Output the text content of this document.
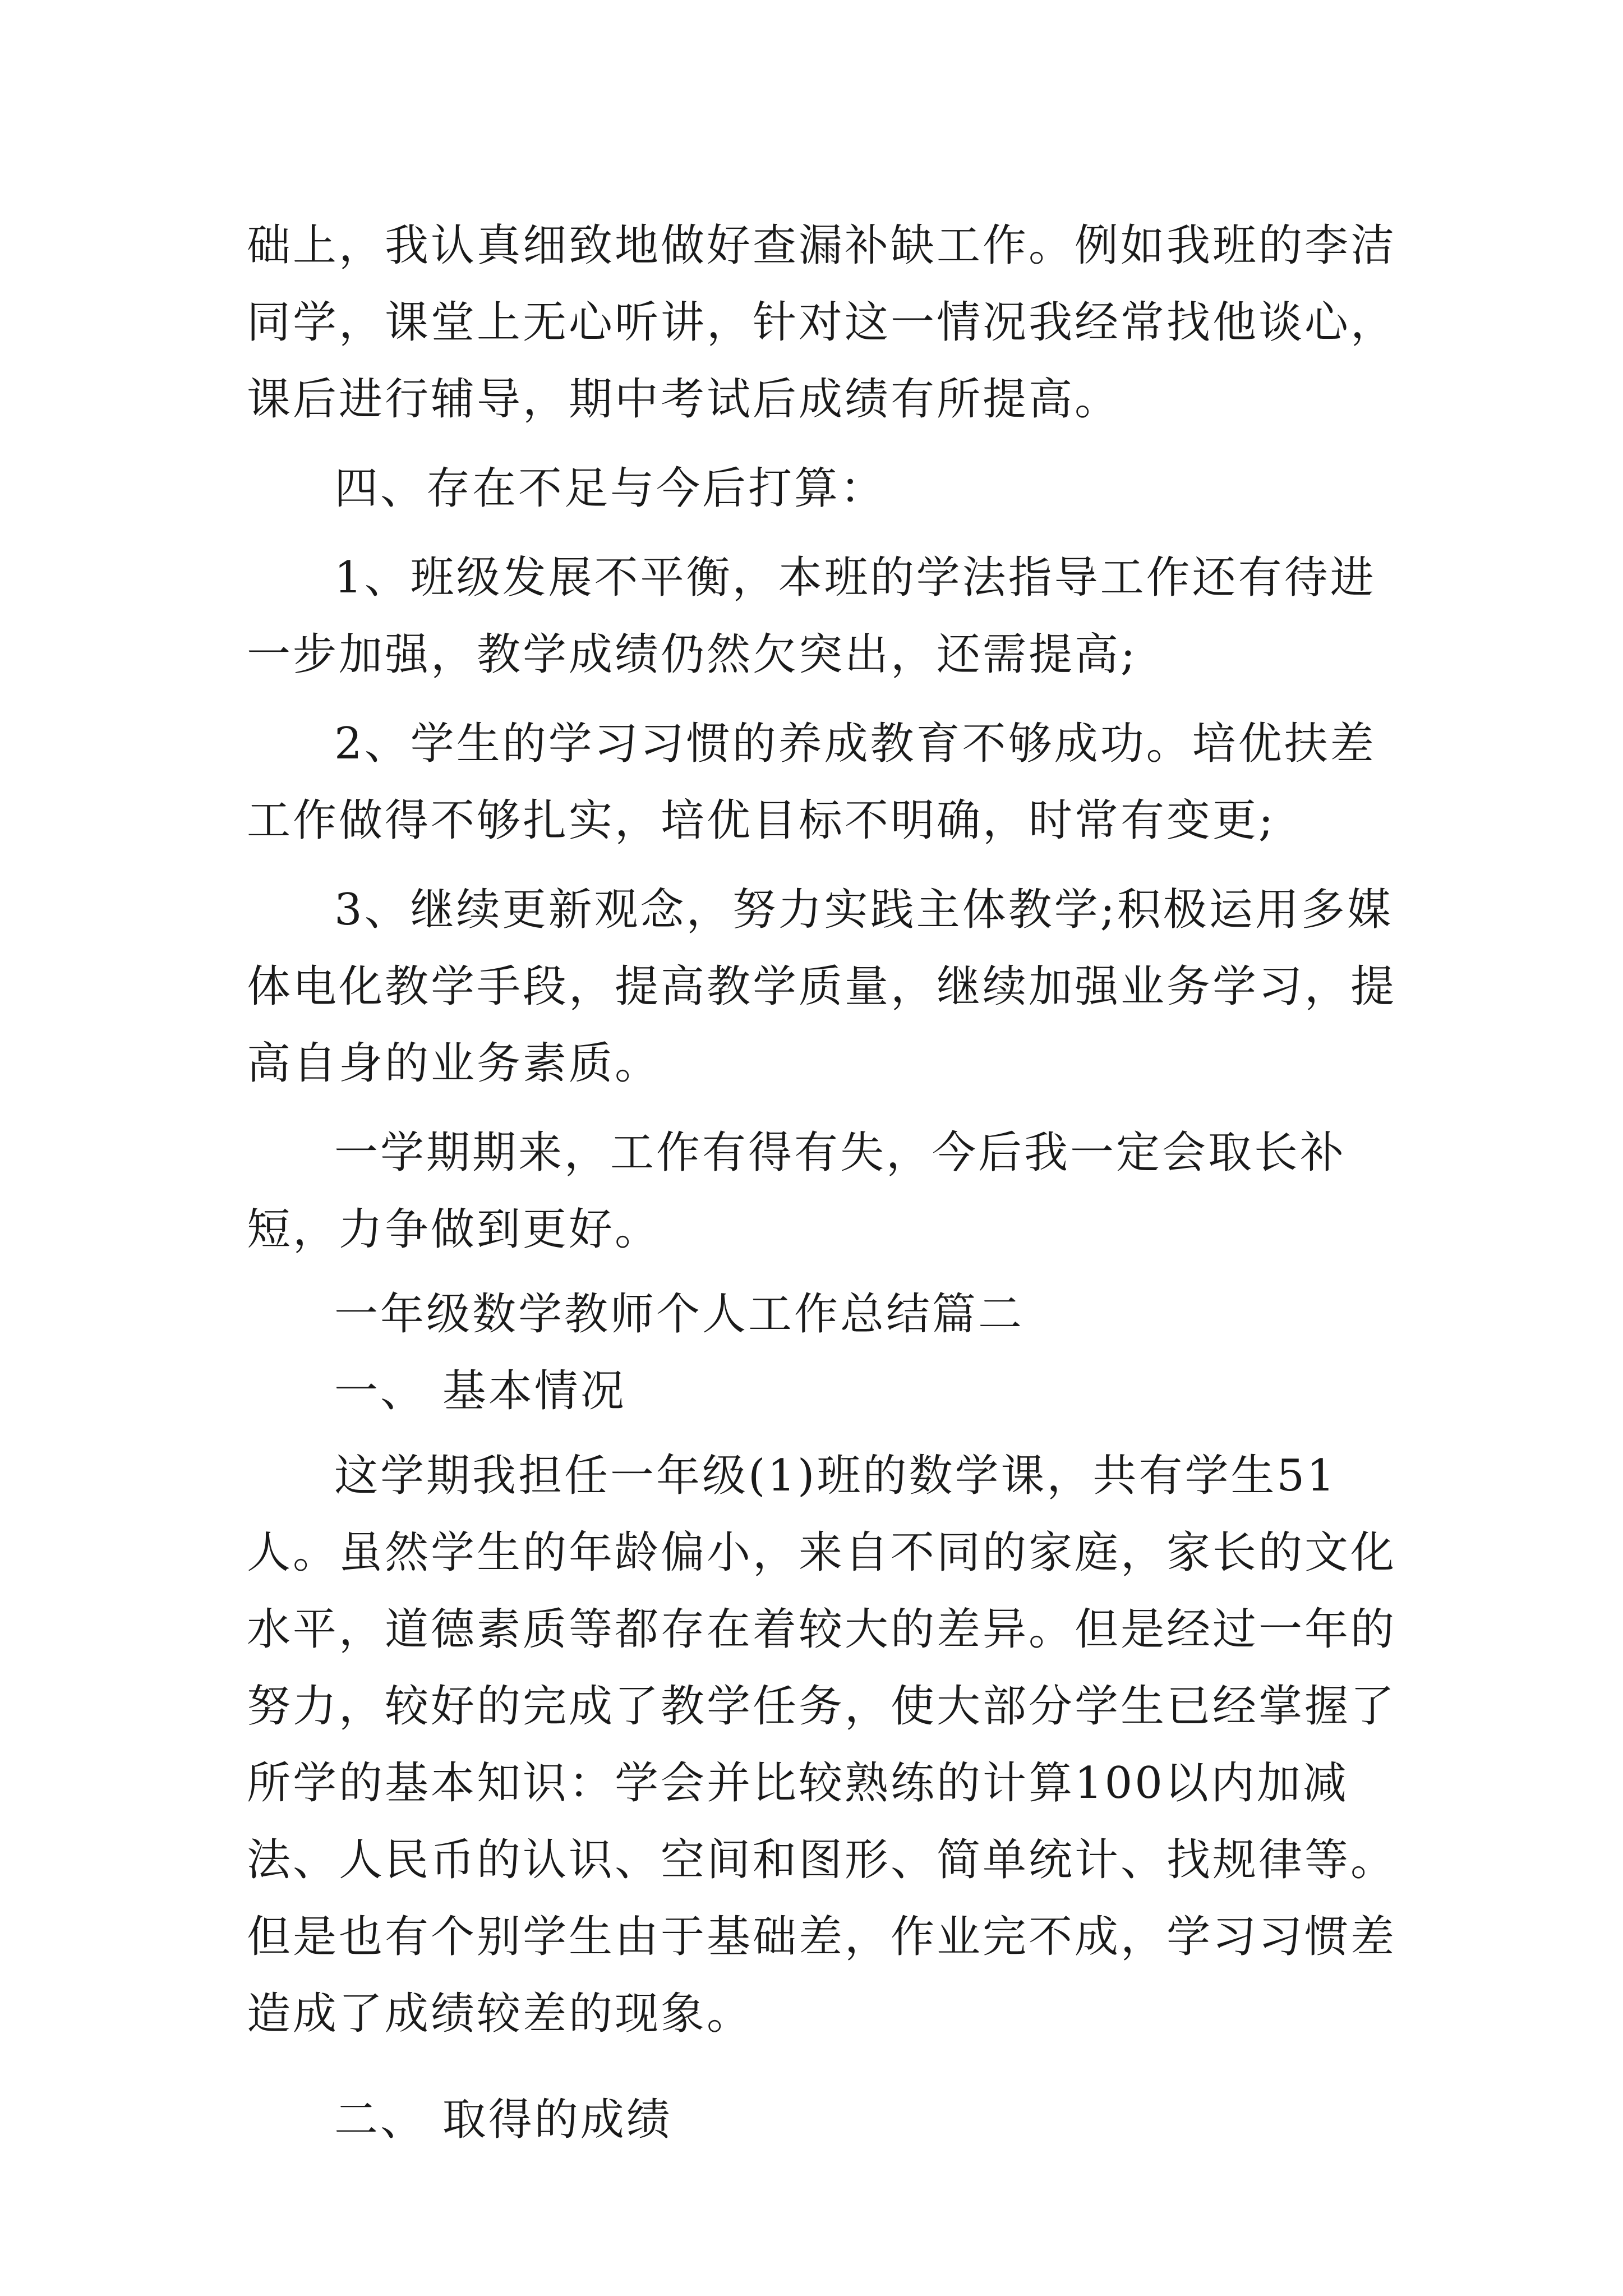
础上，我认真细致地做好查漏补缺工作。例如我班的李洁同学，课堂上无心听讲，针对这一情况我经常找他谈心，课后进行辅导，期中考试后成绩有所提高。

四、存在不足与今后打算：

1、班级发展不平衡，本班的学法指导工作还有待进一步加强，教学成绩仍然欠突出，还需提高;

2、学生的学习习惯的养成教育不够成功。培优扶差工作做得不够扎实，培优目标不明确，时常有变更;

3、继续更新观念，努力实践主体教学;积极运用多媒体电化教学手段，提高教学质量，继续加强业务学习，提高自身的业务素质。

一学期期来，工作有得有失，今后我一定会取长补短，力争做到更好。

一年级数学教师个人工作总结篇二

一、 基本情况

这学期我担任一年级(1)班的数学课，共有学生51人。虽然学生的年龄偏小，来自不同的家庭，家长的文化水平，道德素质等都存在着较大的差异。但是经过一年的努力，较好的完成了教学任务，使大部分学生已经掌握了所学的基本知识：学会并比较熟练的计算100以内加减法、人民币的认识、空间和图形、简单统计、找规律等。但是也有个别学生由于基础差，作业完不成，学习习惯差造成了成绩较差的现象。

二、 取得的成绩
